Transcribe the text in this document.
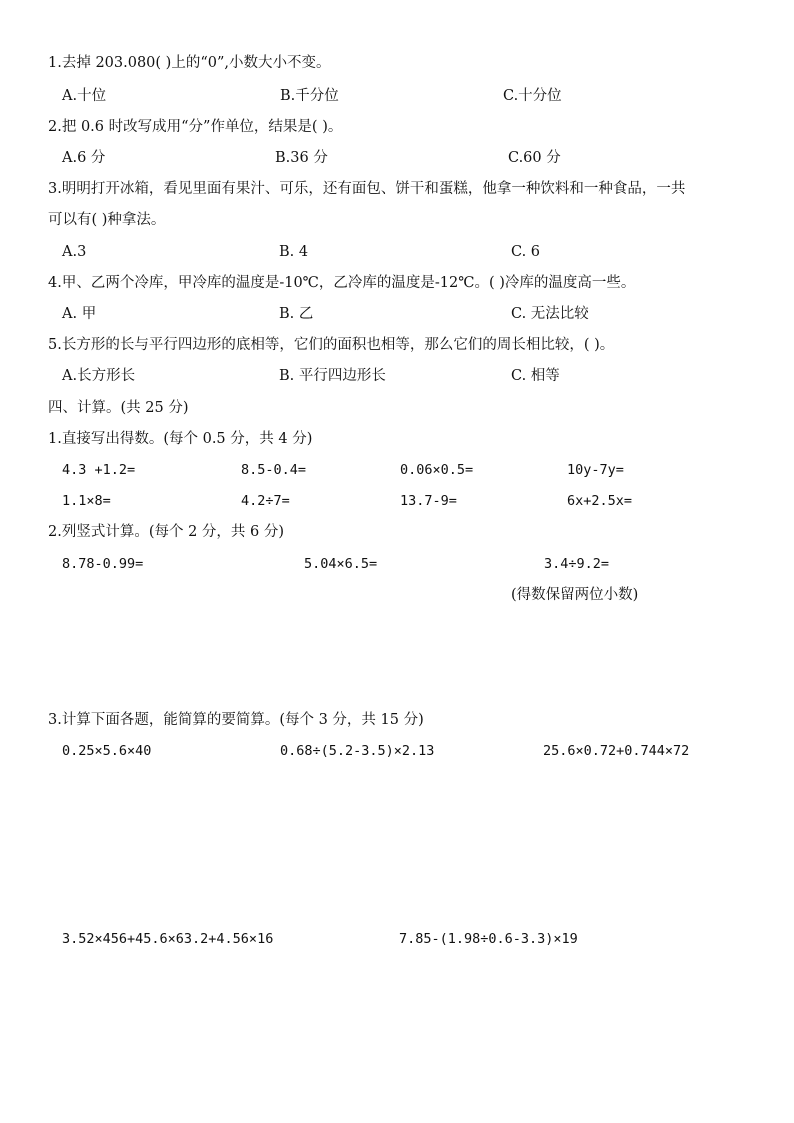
1.去掉 203.080( )上的“0”,小数大小不变。
A.十位	B.千分位	C.十分位
2.把 0.6 时改写成用“分”作单位，结果是( )。
A.6 分	B.36 分	C.60 分
3.明明打开冰箱，看见里面有果汁、可乐，还有面包、饼干和蛋糕，他拿一种饮料和一种食品，一共
可以有( )种拿法。
A.3	B. 4	C. 6
4.甲、乙两个冷库，甲冷库的温度是-10℃，乙冷库的温度是-12℃。( )冷库的温度高一些。
A. 甲	B. 乙	C. 无法比较
5.长方形的长与平行四边形的底相等，它们的面积也相等，那么它们的周长相比较，( )。
A.长方形长	B. 平行四边形长	C. 相等
四、计算。(共 25 分)
1.直接写出得数。(每个 0.5 分，共 4 分)
4.3 +1.2=	8.5-0.4=	0.06×0.5=	10y-7y=
1.1×8=	4.2÷7=	13.7-9=	6x+2.5x=
2.列竖式计算。(每个 2 分，共 6 分)
8.78-0.99=	5.04×6.5=	3.4÷9.2=
(得数保留两位小数)
3.计算下面各题，能简算的要简算。(每个 3 分，共 15 分)
0.25×5.6×40	0.68÷(5.2-3.5)×2.13	25.6×0.72+0.744×72
3.52×456+45.6×63.2+4.56×16	7.85-(1.98÷0.6-3.3)×19
